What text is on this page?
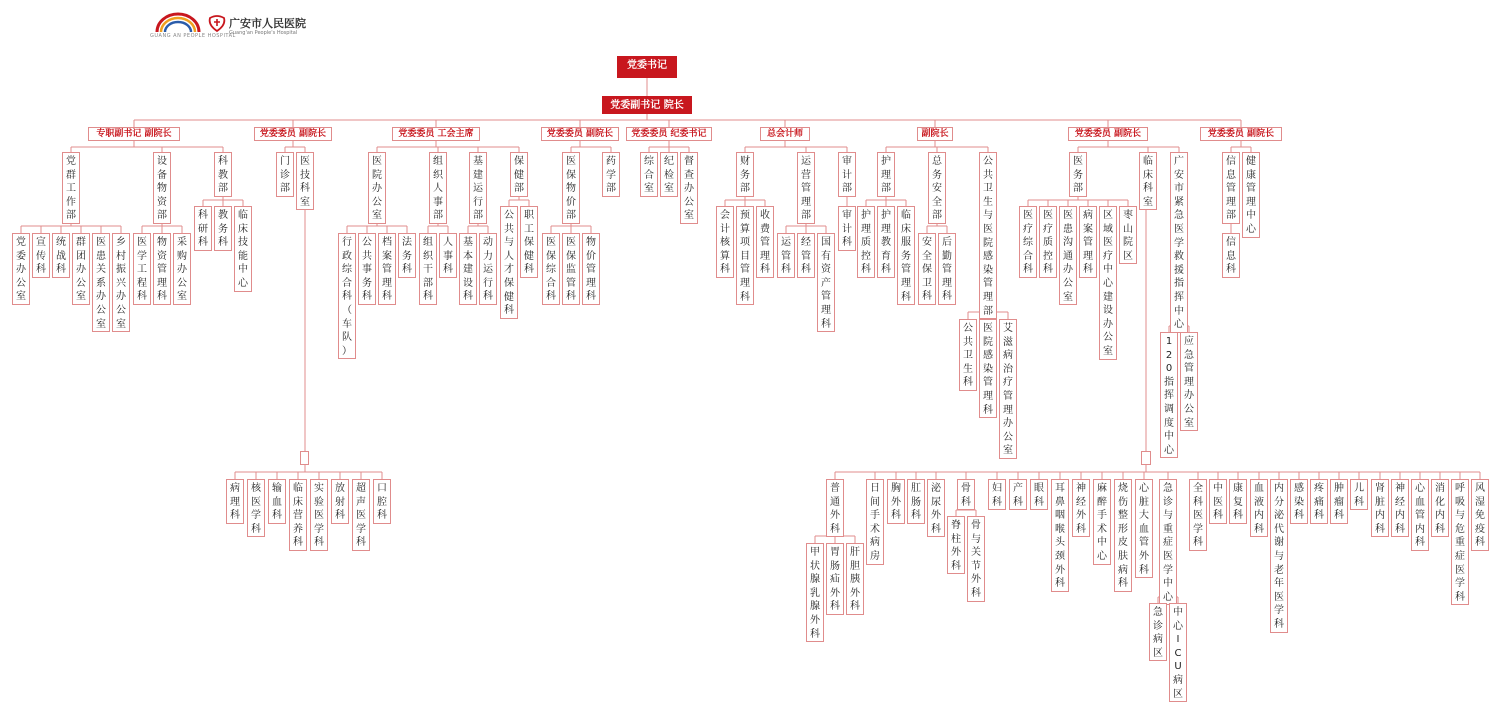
GUANG AN PEOPLE HOSPITAL
广安市人民医院
Guang'an People's Hospital
党委书记
党委副书记 院长
专职副书记 副院长	党委委员 副院长	党委委员 工会主席	党委委员 副院长	党委委员 纪委书记	总会计师	副院长	党委委员 副院长	党委委员 副院长
党
群
工
作
部
设
备
物
资
部
科
教
部
党
委
办
公
室
宣
传
科
统
战
科
群
团
办
公
室
医
患
关
系
办
公
室
乡
村
振
兴
办
公
室
医
学
工
程
科
物
资
管
理
科
采
购
办
公
室
科
研
科
教
务
科
临
床
技
能
中
心
门
诊
部
医
技
科
室
病
理
科
核
医
学
科
输
血
科
临
床
营
养
科
实
验
医
学
科
放
射
科
超
声
医
学
科
口
腔
科
医
院
办
公
室
组
织
人
事
部
基
建
运
行
部
保
健
部
行
政
综
合
科
（
车
队
）
公
共
事
务
科
档
案
管
理
科
法
务
科
组
织
干
部
科
人
事
科
基
本
建
设
科
动
力
运
行
科
公
共
与
人
才
保
健
科
职
工
保
健
科
医
保
物
价
部
药
学
部
医
保
综
合
科
医
保
监
管
科
物
价
管
理
科
综
合
室
纪
检
室
督
查
办
公
室
财
务
部
运
营
管
理
部
审
计
部
会
计
核
算
科
预
算
项
目
管
理
科
收
费
管
理
科
运
管
科
经
管
科
国
有
资
产
管
理
科
审
计
科
护
理
部
总
务
安
全
部
公
共
卫
生
与
医
院
感
染
管
理
部
护
理
质
控
科
护
理
教
育
科
临
床
服
务
管
理
科
安
全
保
卫
科
后
勤
管
理
科
公
共
卫
生
科
医
院
感
染
管
理
科
艾
滋
病
治
疗
管
理
办
公
室
医
务
部
临
床
科
室
广
安
市
紧
急
医
学
救
援
指
挥
中
心
医
疗
综
合
科
医
疗
质
控
科
医
患
沟
通
办
公
室
病
案
管
理
科
区
域
医
疗
中
心
建
设
办
公
室
枣
山
院
区
1
2
0
指
挥
调
度
中
心
应
急
管
理
办
公
室
信
息
管
理
部
健
康
管
理
中
心
信
息
科
普
通
外
科
日
间
手
术
病
房
胸
外
科
肛
肠
科
泌
尿
外
科
骨
科
妇
科
产
科
眼
科
耳
鼻
咽
喉
头
颈
外
科
神
经
外
科
麻
醉
手
术
中
心
烧
伤
整
形
皮
肤
病
科
心
脏
大
血
管
外
科
急
诊
与
重
症
医
学
中
心
全
科
医
学
科
中
医
科
康
复
科
血
液
内
科
内
分
泌
代
谢
与
老
年
医
学
科
感
染
科
疼
痛
科
肿
瘤
科
儿
科
肾
脏
内
科
神
经
内
科
心
血
管
内
科
消
化
内
科
呼
吸
与
危
重
症
医
学
科
风
湿
免
疫
科
甲
状
腺
乳
腺
外
科
胃
肠
疝
外
科
肝
胆
胰
外
科
脊
柱
外
科
骨
与
关
节
外
科
急
诊
病
区
中
心
I
C
U
病
区
